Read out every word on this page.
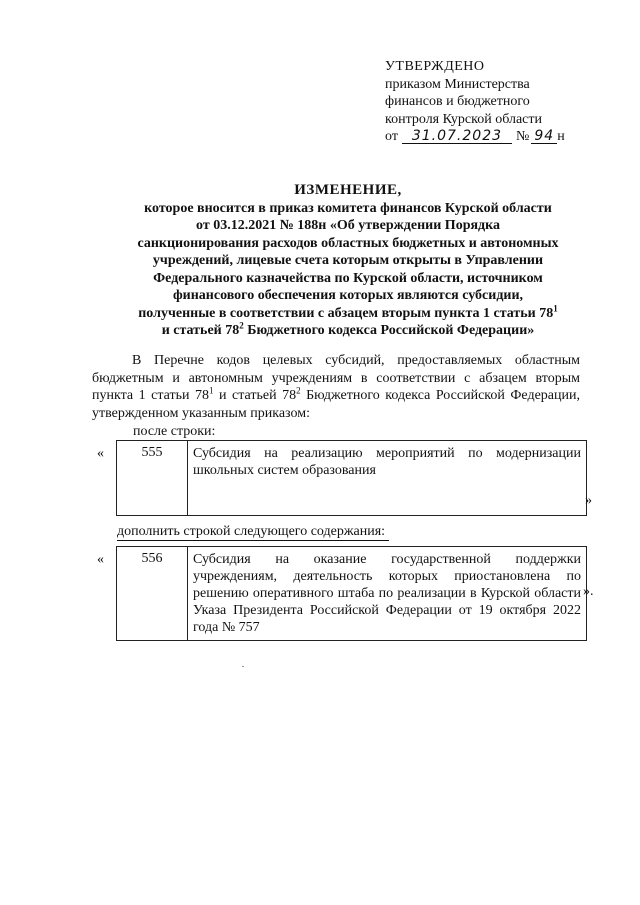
УТВЕРЖДЕНО
приказом Министерства
финансов и бюджетного
контроля Курской области
от 31.07.2023 № 94 н
ИЗМЕНЕНИЕ,
которое вносится в приказ комитета финансов Курской области
от 03.12.2021 № 188н «Об утверждении Порядка
санкционирования расходов областных бюджетных и автономных
учреждений, лицевые счета которым открыты в Управлении
Федерального казначейства по Курской области, источником
финансового обеспечения которых являются субсидии,
полученные в соответствии с абзацем вторым пункта 1 статьи $78^1$
и статьей $78^2$ Бюджетного кодекса Российской Федерации»
В Перечне кодов целевых субсидий, предоставляемых областным бюджетным и автономным учреждениям в соответствии с абзацем вторым пункта 1 статьи $78^1$ и статьей $78^2$ Бюджетного кодекса Российской Федерации, утвержденном указанным приказом:
после строки:
«	555	Субсидия на реализацию мероприятий по модернизации школьных систем образования
»
дополнить строкой следующего содержания:
«	556	Субсидия на оказание государственной поддержки учреждениям, деятельность которых приостановлена по решению оперативного штаба по реализации в Курской области Указа Президента Российской Федерации от 19 октября 2022 года № 757
».
